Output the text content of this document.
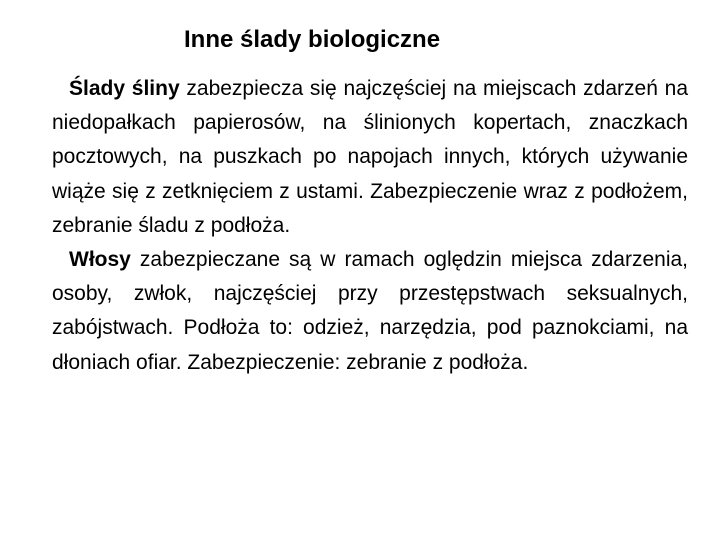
Inne ślady biologiczne

Ślady śliny zabezpiecza się najczęściej na miejscach zdarzeń na niedopałkach papierosów, na ślinionych kopertach, znaczkach pocztowych, na puszkach po napojach innych, których używanie wiąże się z zetknięciem z ustami. Zabezpieczenie wraz z podłożem, zebranie śladu z podłoża.

Włosy zabezpieczane są w ramach oględzin miejsca zdarzenia, osoby, zwłok, najczęściej przy przestępstwach seksualnych, zabójstwach. Podłoża to: odzież, narzędzia, pod paznokciami, na dłoniach ofiar. Zabezpieczenie: zebranie z podłoża.
